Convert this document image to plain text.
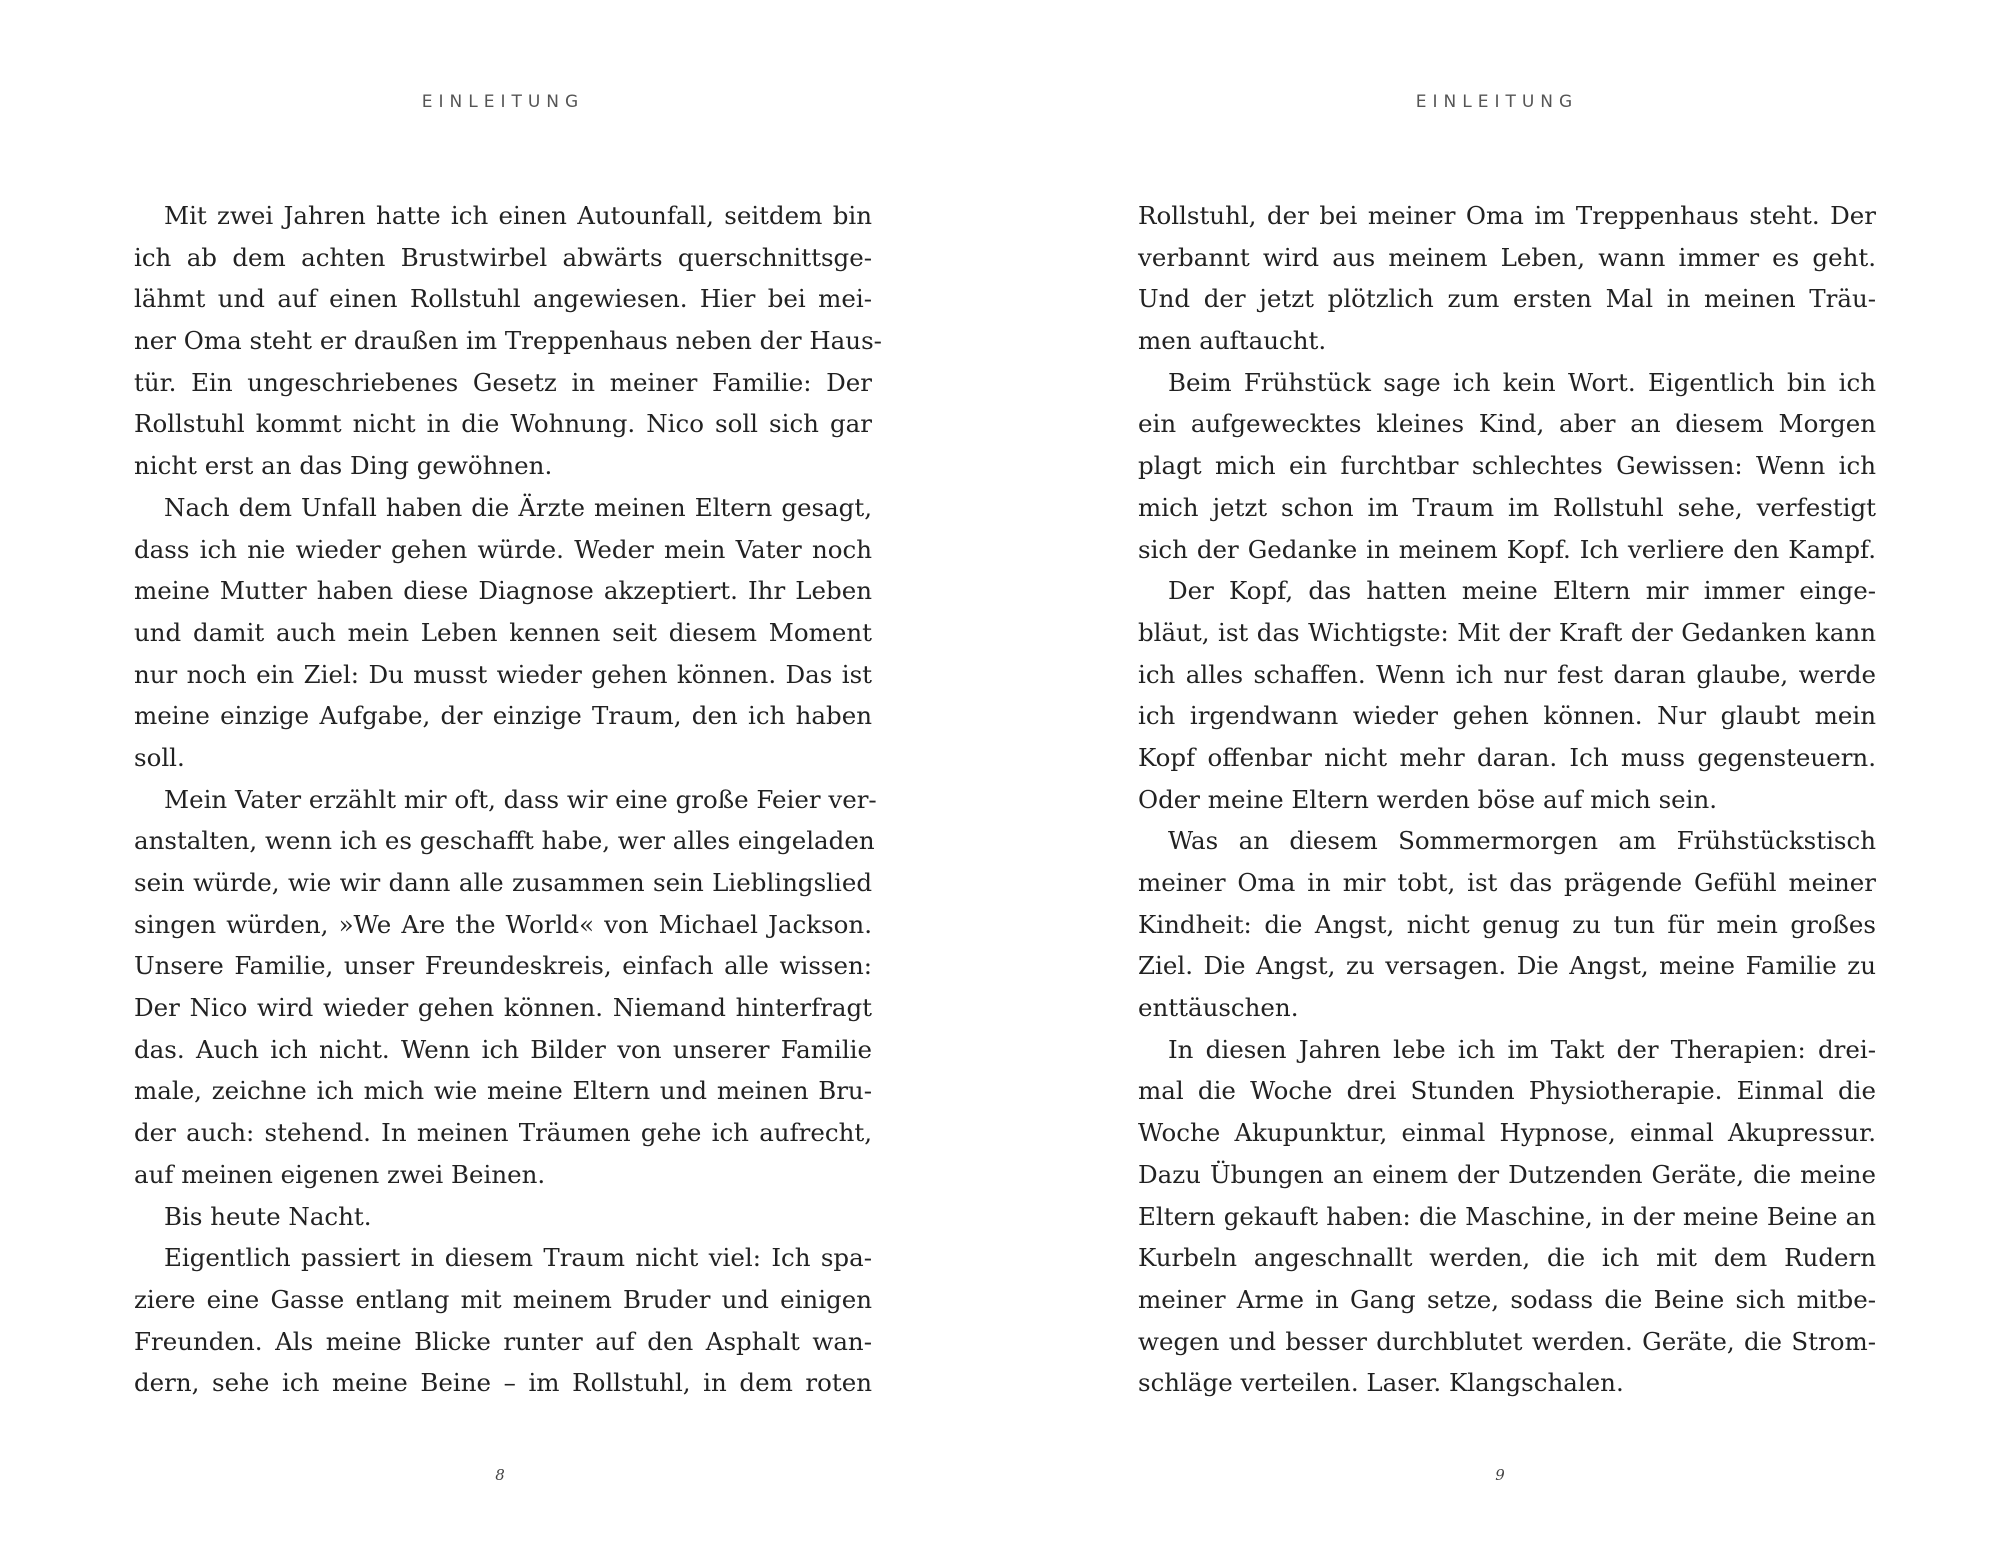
EINLEITUNG
Mit zwei Jahren hatte ich einen Autounfall, seitdem bin
ich ab dem achten Brustwirbel abwärts querschnittsge-
lähmt und auf einen Rollstuhl angewiesen. Hier bei mei-
ner Oma steht er draußen im Treppenhaus neben der Haus-
tür. Ein ungeschriebenes Gesetz in meiner Familie: Der
Rollstuhl kommt nicht in die Wohnung. Nico soll sich gar
nicht erst an das Ding gewöhnen.
Nach dem Unfall haben die Ärzte meinen Eltern gesagt,
dass ich nie wieder gehen würde. Weder mein Vater noch
meine Mutter haben diese Diagnose akzeptiert. Ihr Leben
und damit auch mein Leben kennen seit diesem Moment
nur noch ein Ziel: Du musst wieder gehen können. Das ist
meine einzige Aufgabe, der einzige Traum, den ich haben
soll.
Mein Vater erzählt mir oft, dass wir eine große Feier ver-
anstalten, wenn ich es geschafft habe, wer alles eingeladen
sein würde, wie wir dann alle zusammen sein Lieblingslied
singen würden, »We Are the World« von Michael Jackson.
Unsere Familie, unser Freundeskreis, einfach alle wissen:
Der Nico wird wieder gehen können. Niemand hinterfragt
das. Auch ich nicht. Wenn ich Bilder von unserer Familie
male, zeichne ich mich wie meine Eltern und meinen Bru-
der auch: stehend. In meinen Träumen gehe ich aufrecht,
auf meinen eigenen zwei Beinen.
Bis heute Nacht.
Eigentlich passiert in diesem Traum nicht viel: Ich spa-
ziere eine Gasse entlang mit meinem Bruder und einigen
Freunden. Als meine Blicke runter auf den Asphalt wan-
dern, sehe ich meine Beine – im Rollstuhl, in dem roten
8
EINLEITUNG
Rollstuhl, der bei meiner Oma im Treppenhaus steht. Der
verbannt wird aus meinem Leben, wann immer es geht.
Und der jetzt plötzlich zum ersten Mal in meinen Träu-
men auftaucht.
Beim Frühstück sage ich kein Wort. Eigentlich bin ich
ein aufgewecktes kleines Kind, aber an diesem Morgen
plagt mich ein furchtbar schlechtes Gewissen: Wenn ich
mich jetzt schon im Traum im Rollstuhl sehe, verfestigt
sich der Gedanke in meinem Kopf. Ich verliere den Kampf.
Der Kopf, das hatten meine Eltern mir immer einge-
bläut, ist das Wichtigste: Mit der Kraft der Gedanken kann
ich alles schaffen. Wenn ich nur fest daran glaube, werde
ich irgendwann wieder gehen können. Nur glaubt mein
Kopf offenbar nicht mehr daran. Ich muss gegensteuern.
Oder meine Eltern werden böse auf mich sein.
Was an diesem Sommermorgen am Frühstückstisch
meiner Oma in mir tobt, ist das prägende Gefühl meiner
Kindheit: die Angst, nicht genug zu tun für mein großes
Ziel. Die Angst, zu versagen. Die Angst, meine Familie zu
enttäuschen.
In diesen Jahren lebe ich im Takt der Therapien: drei-
mal die Woche drei Stunden Physiotherapie. Einmal die
Woche Akupunktur, einmal Hypnose, einmal Akupressur.
Dazu Übungen an einem der Dutzenden Geräte, die meine
Eltern gekauft haben: die Maschine, in der meine Beine an
Kurbeln angeschnallt werden, die ich mit dem Rudern
meiner Arme in Gang setze, sodass die Beine sich mitbe-
wegen und besser durchblutet werden. Geräte, die Strom-
schläge verteilen. Laser. Klangschalen.
9
